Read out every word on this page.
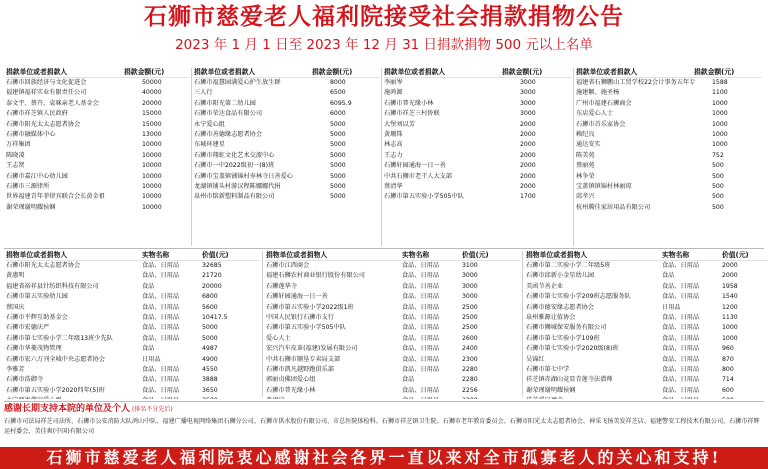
石狮市慈爱老人福利院接受社会捐款捐物公告
2023 年 1 月 1 日至 2023 年 12 月 31 日捐款捐物 500 元以上名单
捐款单位或者捐款人	捐款金额(元)
石狮市回族经济与文化促进会	50000
福建镇福祥实业有限责任公司	40000
泰文宇、蔡卉、袁咪亲老人基金会	20000
石狮市祥芝镇人民政府	15000
石狮市阳光太太志愿者协会	15000
石狮市融媒体中心	13000
万祥集团	10000
陈晓凌	10000
王志贤	10000
石狮市嘉江中心幼儿园	10000
石狮市三源律所	10000
世界福建青年菲律宾联合会长黄金祖	10000
谢荣瑾谢明耀侯娴	10000
捐款单位或者捐款人	捐款金额(元)
石狮市福慧园满爱心护生放生群	8000
三人行	6500
石狮市阳光第二幼儿园	6095.9
石狮市荣达食品有限公司	6000
永宁爱心组	5000
石狮市善德缘志愿者协会	5000
东城环建星	5000
石狮市翔虹文化艺术交流中心	5000
石狮市一中2022级初一(8)班	5000
石狮市宝盖镇铺锦村寿林寺日善爱心	5000
龙湖镇铺头村游汉程陈娜娜代捐	5000
泉州市铭新塑料制品有限公司	5000
捐款单位或者捐款人	捐款金额(元)
李丽岑	3000
施鸿源	3000
石狮市普光缘小林	3000
石狮市祥芝三村侨联	3000
大堡刘以芳	2000
黄珊珠	2000
林志高	2000
王志力	2000
石狮轩园通海一日一善	2000
中共石狮市老干人大支部	2000
蔡清华	2000
石狮市第五实验小学505中队	1700
捐款单位或者捐款人	捐款金额(元)
福建省石狮鹏山工贸学校22会计事务五年专	1588
施建颖、施圣杨	1100
广州市福建石狮商会	1000
东店爱心人士	1000
石狮市首乐家协会	1000
赖纪良	1000
通达安实	1000
陈美苑	752
蔡丽苑	500
林争荣	500
宝盖镇镇锦村林丽琼	500
邱孝兴	500
杭州腾佳家居用品有限公司	500
捐物单位或者捐物人	实物名称	价值(元)
石狮市阳光太太志愿者协会	食品、日用品	32685
黄惠明	食品、日用品	21720
福建省裕祥县针纺织科技有限公司	食品	20000
石狮市第五实验幼儿园	食品、日用品	6800
蔡国庆	食品、日用品	5600
石狮市平辉互助基金会	食品、日用品	10417.5
石狮市宏德庆严	食品、日用品	5000
石狮市第七实验小学二年级13班少先队	食品、日用品	5000
石狮市华菱茂物管理	食品	4987
石狮市宏六万刊全城中央志愿者协会	日用品	4900
李雅芳	食品、日用品	4550
石狮市浩御寺	食品、日用品	3888
石狮市第五实验小学2020四年(5)班	食品、日用品	3650
捐物单位或者捐物人	实物名称	价值(元)
石狮市江西商会	食品、日用品	3100
福建石狮农村商业银行股份有限公司	食品、日用品	3000
石狮莲华寺	食品、日用品	3000
石狮轩园通海一日一善	食品、日用品	3000
石狮市第五实验小学2022级1班	食品、日用品	2500
中国人民银行石狮市支行	食品、日用品	2500
石狮市第五实验小学505中队	食品、日用品	2500
爱心人士	食品、日用品	2600
宏兴汽车皮革(福建)发展有限公司	食品、日用品	2400
中共石狮市顺垦专卖局支部	食品、日用品	2300
石狮市凯凡越野跑俱乐部	食品、日用品	2280
郭丽贞佛团爱心组	食品	2280
石狮市普光缘小林	食品、日用品	2256
捐物单位或者捐物人	实物名称	价值(元)
石狮市第二实验小学二年级5班	食品、日用品	2000
石狮市邱新小金星幼儿园	食品	2000
美函节善企业	食品、日用品	1958
石狮市第七实验小学209班志愿服务队	食品、日用品	1540
石狮市德安缘志愿者协会	日用品	1200
泉州雅源让值协会	食品、日用品	1130
石狮市狮城保安服务有限公司	食品、日用品	1000
石狮市第七实验小学109班	食品、日用品	1000
石狮市第七实验小学2020级(8)班	食品、日用品	960
吴锦红	食品、日用品	870
石狮市第七中学	食品、日用品	800
祥芝镇赤湖山竞显青莲寺法潜师	食品、日用品	714
谢荣瑾谢明耀侯娴	食品、日用品	600
感谢长期支持本院的单位及个人 (排名不分先后)
石狮市司法局祥芝司法所、石狮市公安消防大队鸿山中队、福建广播电视网络集团石狮分公司、石狮市供水股份有限公司、市总医院体检科、石狮市祥芝镇卫生院、石狮市老年教育委员会、石狮市阳光太太志愿者协会、神采飞扬美发祥芝店、福建警安工程技术有限公司、石狮市祥辉运村委会、美佳爽(中国)有限公司
石狮市慈爱老人福利院衷心感谢社会各界一直以来对全市孤寡老人的关心和支持!
